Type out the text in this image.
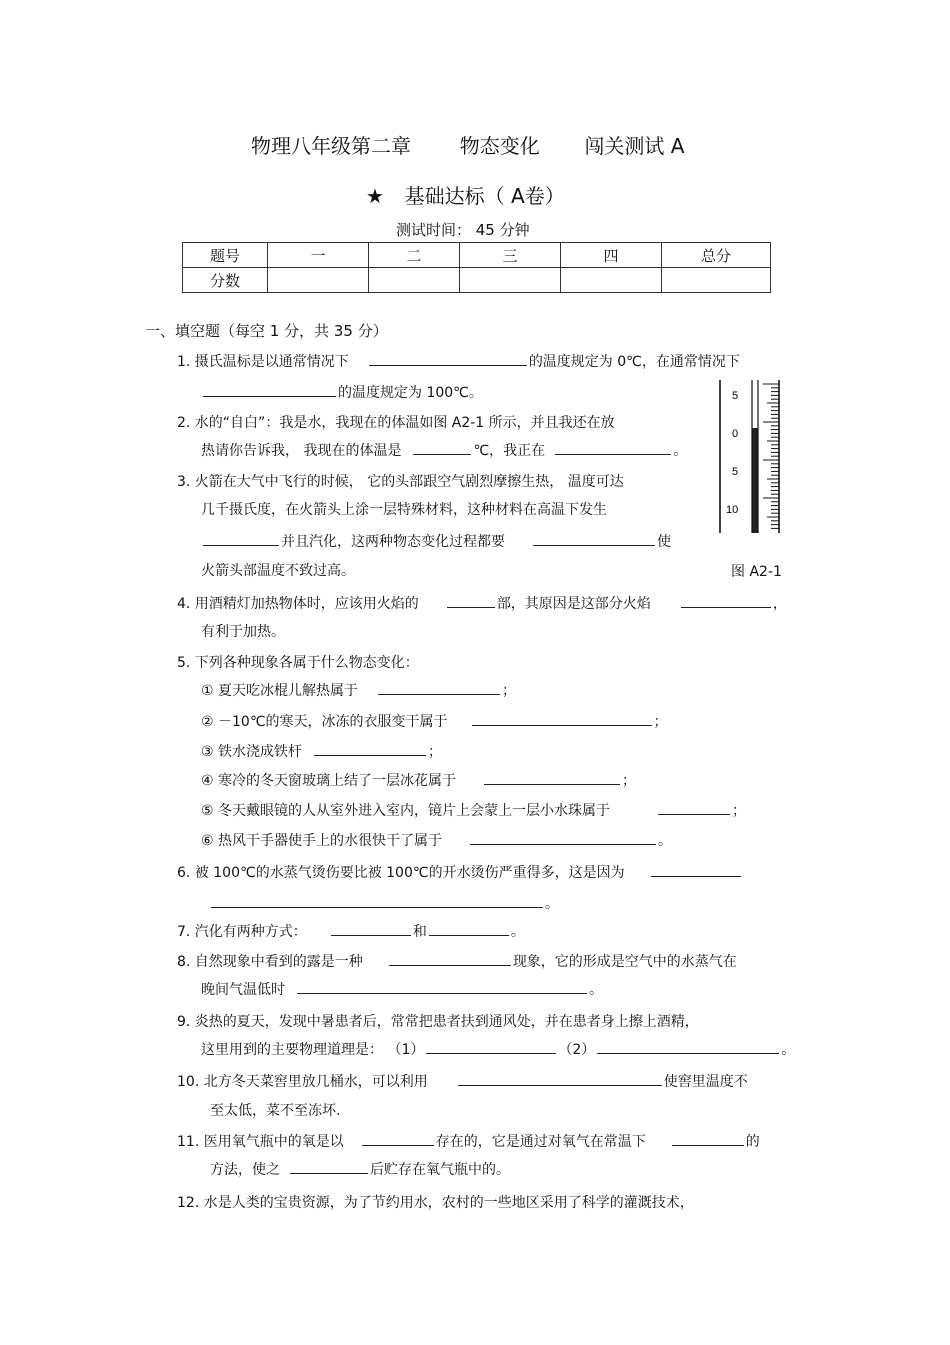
物理八年级第二章 物态变化 闯关测试 A
★ 基础达标（ A卷）
测试时间： 45 分钟
题号	一	二	三	四	总分
分数					
一、填空题（每空 1 分，共 35 分）
1. 摄氏温标是以通常情况下	的温度规定为 0℃，在通常情况下
的温度规定为 100℃。
2. 水的“自白”：我是水，我现在的体温如图 A2-1 所示，并且我还在放
热请你告诉我， 我现在的体温是	℃，我正在	。
3. 火箭在大气中飞行的时候， 它的头部跟空气剧烈摩擦生热， 温度可达
几千摄氏度，在火箭头上涂一层特殊材料，这种材料在高温下发生
并且汽化，这两种物态变化过程都要	使
火箭头部温度不致过高。
5
0
5
10
图 A2-1
4. 用酒精灯加热物体时，应该用火焰的	部，其原因是这部分火焰	，
有利于加热。
5. 下列各种现象各属于什么物态变化：
① 夏天吃冰棍儿解热属于	；
② －10℃的寒天，冰冻的衣服变干属于	；
③ 铁水浇成铁杆	；
④ 寒冷的冬天窗玻璃上结了一层冰花属于	；
⑤ 冬天戴眼镜的人从室外进入室内，镜片上会蒙上一层小水珠属于	；
⑥ 热风干手器使手上的水很快干了属于	。
6. 被 100℃的水蒸气烫伤要比被 100℃的开水烫伤严重得多，这是因为
。
7. 汽化有两种方式：	和	。
8. 自然现象中看到的露是一种	现象，它的形成是空气中的水蒸气在
晚间气温低时	。
9. 炎热的夏天，发现中暑患者后，常常把患者扶到通风处，并在患者身上擦上酒精，
这里用到的主要物理道理是： （1）	（2）	。
10. 北方冬天菜窖里放几桶水，可以利用	使窖里温度不
至太低，菜不至冻坏.
11. 医用氧气瓶中的氧是以	存在的，它是通过对氧气在常温下	的
方法，使之	后贮存在氧气瓶中的。
12. 水是人类的宝贵资源，为了节约用水，农村的一些地区采用了科学的灌溉技术，
